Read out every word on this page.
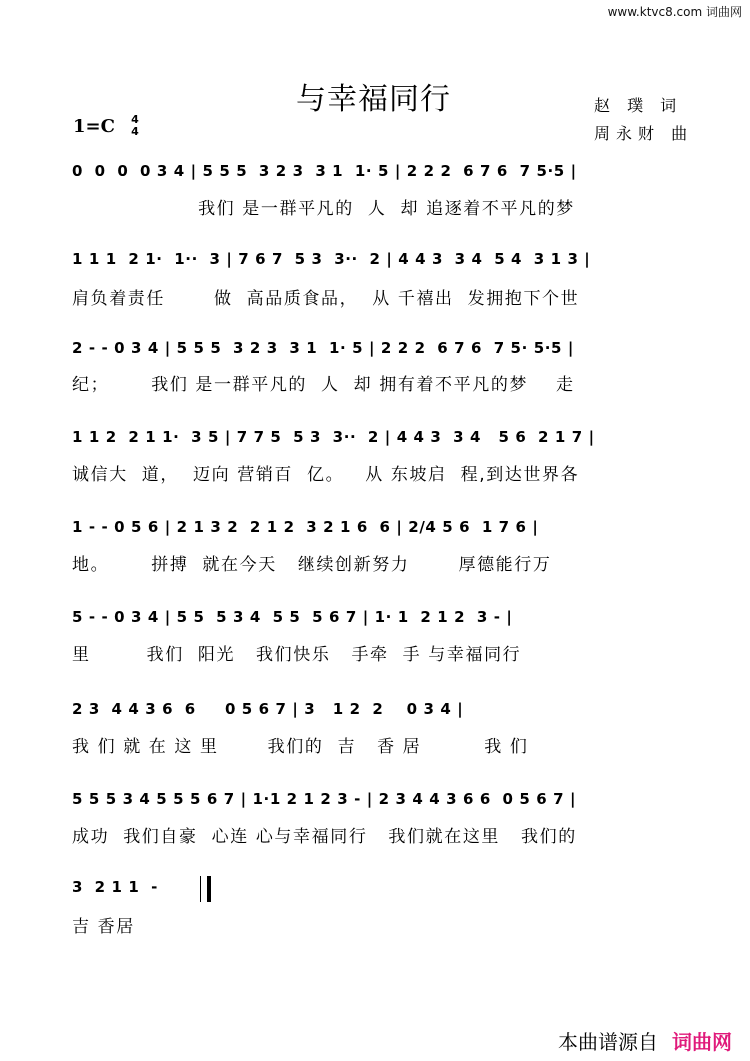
www.ktvc8.com 词曲网
与幸福同行	赵 璞 词
周永财 曲
1=C 4
4
0  0  0  0 3 4 | 5 5 5  3 2 3  3 1  1· 5 | 2 2 2  6 7 6  7 5·5 |
我们 是一群平凡的  人  却 追逐着不平凡的梦
1 1 1  2 1·  1··  3 | 7 6 7  5 3  3··  2 | 4 4 3  3 4  5 4  3 1 3 |
肩负着责任       做  高品质食品，  从 千禧出  发拥抱下个世
2 - - 0 3 4 | 5 5 5  3 2 3  3 1  1· 5 | 2 2 2  6 7 6  7 5· 5·5 |
纪；      我们 是一群平凡的  人  却 拥有着不平凡的梦    走
1 1 2  2 1 1·  3 5 | 7 7 5  5 3  3··  2 | 4 4 3  3 4   5 6  2 1 7 |
诚信大  道，  迈向 营销百  亿。   从 东坡启  程,到达世界各
1 - - 0 5 6 | 2 1 3 2  2 1 2  3 2 1 6  6 | 2/4 5 6  1 7 6 |
地。      拼搏  就在今天   继续创新努力       厚德能行万
5 - - 0 3 4 | 5 5  5 3 4  5 5  5 6 7 | 1· 1  2 1 2  3 - |
里        我们  阳光   我们快乐   手牵  手 与幸福同行
2 3  4 4 3 6  6     0 5 6 7 | 3   1 2  2    0 3 4 |
我 们 就 在 这 里       我们的  吉   香 居         我 们
5 5 5 3 4 5 5 5 6 7 | 1·1 2 1 2 3 - | 2 3 4 4 3 6 6  0 5 6 7 |
成功  我们自豪  心连 心与幸福同行   我们就在这里   我们的
3  2 1 1  -
吉 香居
本曲谱源自 词曲网
